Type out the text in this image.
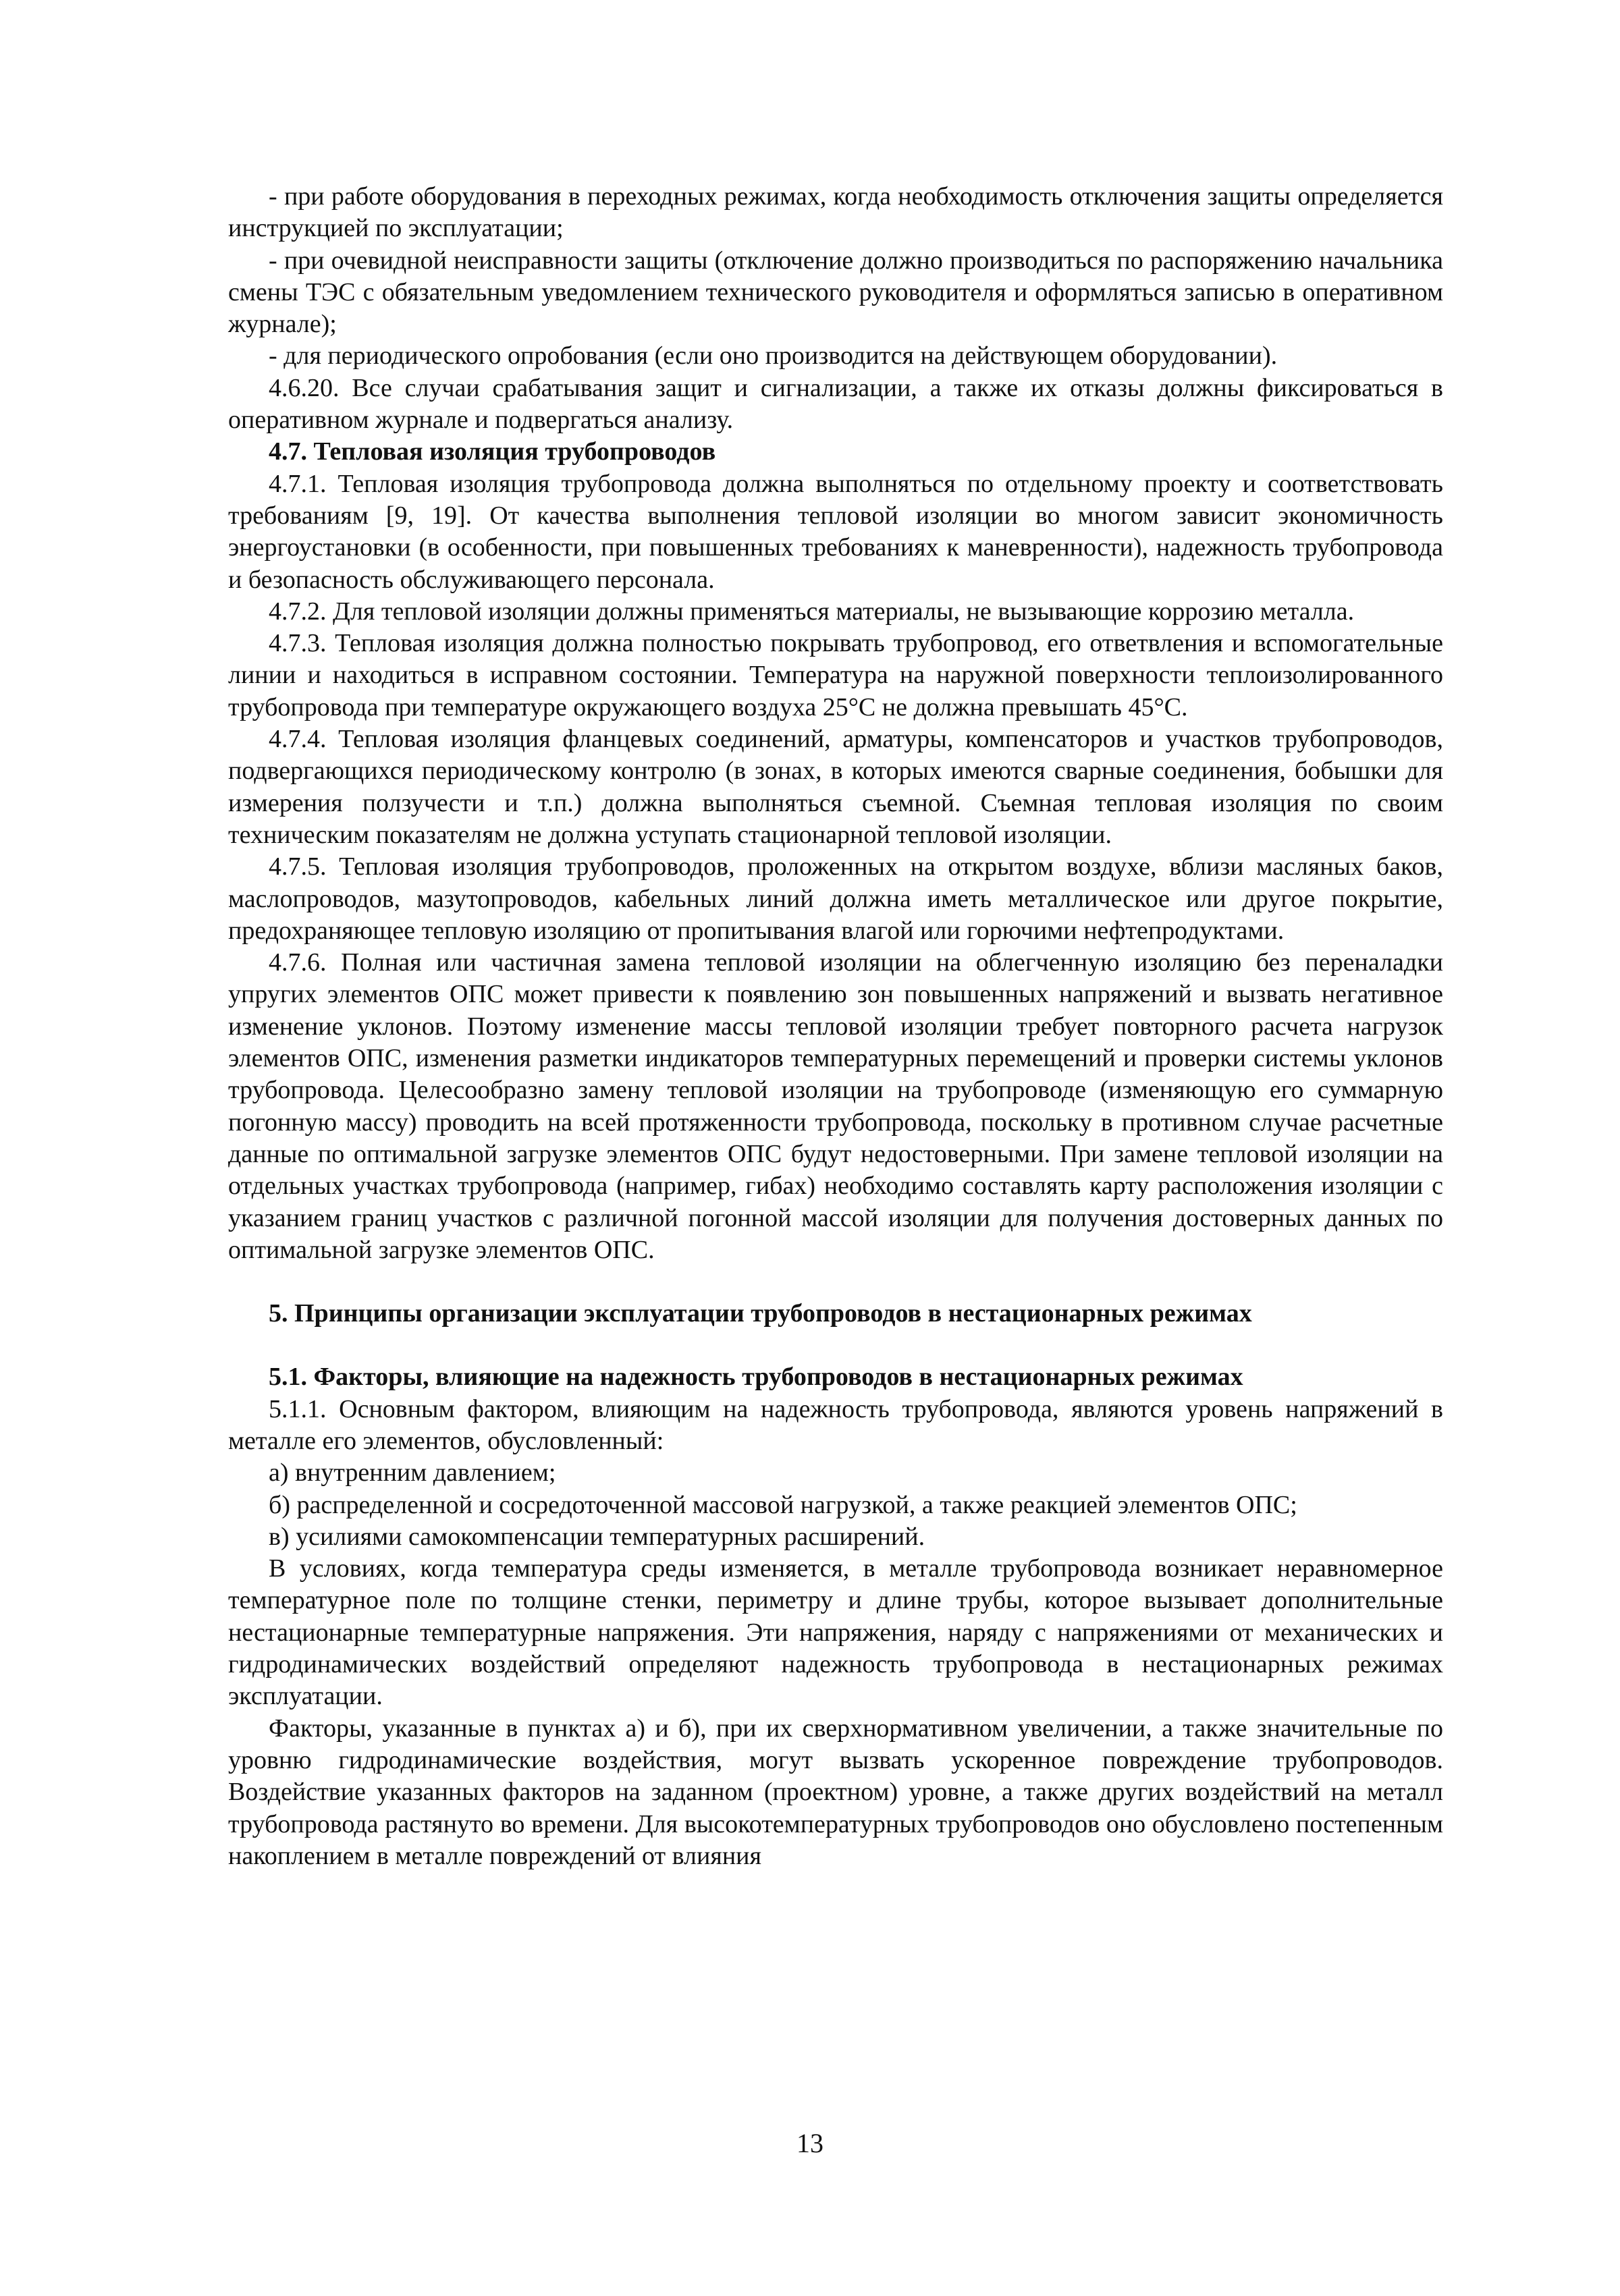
- при работе оборудования в переходных режимах, когда необходимость отключения защиты определяется инструкцией по эксплуатации;

- при очевидной неисправности защиты (отключение должно производиться по распоряжению начальника смены ТЭС с обязательным уведомлением технического руководителя и оформляться записью в оперативном журнале);

- для периодического опробования (если оно производится на действующем оборудовании).

4.6.20. Все случаи срабатывания защит и сигнализации, а также их отказы должны фиксироваться в оперативном журнале и подвергаться анализу.

4.7. Тепловая изоляция трубопроводов

4.7.1. Тепловая изоляция трубопровода должна выполняться по отдельному проекту и соответствовать требованиям [9, 19]. От качества выполнения тепловой изоляции во многом зависит экономичность энергоустановки (в особенности, при повышенных требованиях к маневренности), надежность трубопровода и безопасность обслуживающего персонала.

4.7.2. Для тепловой изоляции должны применяться материалы, не вызывающие коррозию металла.

4.7.3. Тепловая изоляция должна полностью покрывать трубопровод, его ответвления и вспомогательные линии и находиться в исправном состоянии. Температура на наружной поверхности теплоизолированного трубопровода при температуре окружающего воздуха 25°С не должна превышать 45°С.

4.7.4. Тепловая изоляция фланцевых соединений, арматуры, компенсаторов и участков трубопроводов, подвергающихся периодическому контролю (в зонах, в которых имеются сварные соединения, бобышки для измерения ползучести и т.п.) должна выполняться съемной. Съемная тепловая изоляция по своим техническим показателям не должна уступать стационарной тепловой изоляции.

4.7.5. Тепловая изоляция трубопроводов, проложенных на открытом воздухе, вблизи масляных баков, маслопроводов, мазутопроводов, кабельных линий должна иметь металлическое или другое покрытие, предохраняющее тепловую изоляцию от пропитывания влагой или горючими нефтепродуктами.

4.7.6. Полная или частичная замена тепловой изоляции на облегченную изоляцию без переналадки упругих элементов ОПС может привести к появлению зон повышенных напряжений и вызвать негативное изменение уклонов. Поэтому изменение массы тепловой изоляции требует повторного расчета нагрузок элементов ОПС, изменения разметки индикаторов температурных перемещений и проверки системы уклонов трубопровода. Целесообразно замену тепловой изоляции на трубопроводе (изменяющую его суммарную погонную массу) проводить на всей протяженности трубопровода, поскольку в противном случае расчетные данные по оптимальной загрузке элементов ОПС будут недостоверными. При замене тепловой изоляции на отдельных участках трубопровода (например, гибах) необходимо составлять карту расположения изоляции с указанием границ участков с различной погонной массой изоляции для получения достоверных данных по оптимальной загрузке элементов ОПС.

5. Принципы организации эксплуатации трубопроводов в нестационарных режимах

5.1. Факторы, влияющие на надежность трубопроводов в нестационарных режимах

5.1.1. Основным фактором, влияющим на надежность трубопровода, являются уровень напряжений в металле его элементов, обусловленный:

а) внутренним давлением;

б) распределенной и сосредоточенной массовой нагрузкой, а также реакцией элементов ОПС;

в) усилиями самокомпенсации температурных расширений.

В условиях, когда температура среды изменяется, в металле трубопровода возникает неравномерное температурное поле по толщине стенки, периметру и длине трубы, которое вызывает дополнительные нестационарные температурные напряжения. Эти напряжения, наряду с напряжениями от механических и гидродинамических воздействий определяют надежность трубопровода в нестационарных режимах эксплуатации.

Факторы, указанные в пунктах а) и б), при их сверхнормативном увеличении, а также значительные по уровню гидродинамические воздействия, могут вызвать ускоренное повреждение трубопроводов. Воздействие указанных факторов на заданном (проектном) уровне, а также других воздействий на металл трубопровода растянуто во времени. Для высокотемпературных трубопроводов оно обусловлено постепенным накоплением в металле повреждений от влияния

13
